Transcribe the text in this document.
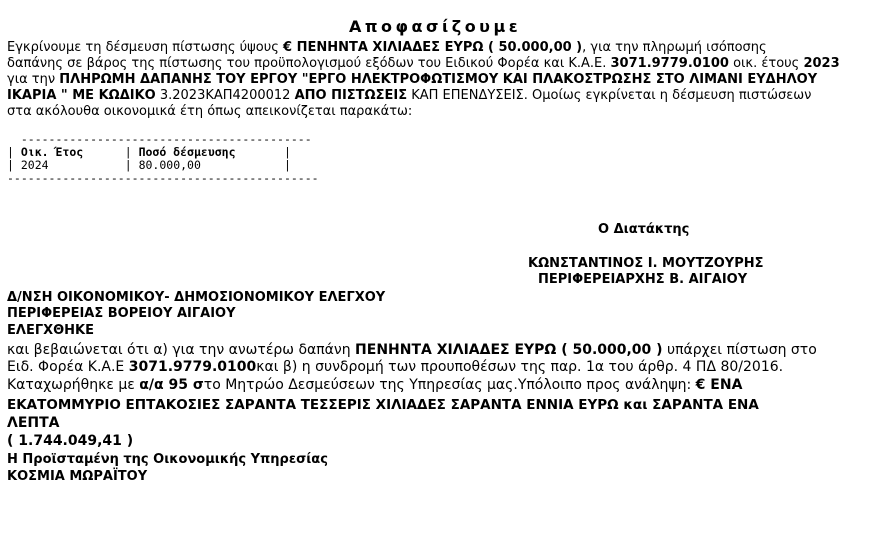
Αποφασίζουμε
Εγκρίνουμε τη δέσμευση πίστωσης ύψους € ΠΕΝΗΝΤΑ ΧΙΛΙΑΔΕΣ ΕΥΡΩ ( 50.000,00 ), για την πληρωμή ισόποσης
δαπάνης σε βάρος της πίστωσης του προϋπολογισμού εξόδων του Ειδικού Φορέα και Κ.Α.Ε. 3071.9779.0100 οικ. έτους 2023
για την ΠΛΗΡΩΜΗ ΔΑΠΑΝΗΣ ΤΟΥ ΕΡΓΟΥ "ΕΡΓΟ ΗΛΕΚΤΡΟΦΩΤΙΣΜΟΥ ΚΑΙ ΠΛΑΚΟΣΤΡΩΣΗΣ ΣΤΟ ΛΙΜΑΝΙ ΕΥΔΗΛΟΥ
ΙΚΑΡΙΑ " ΜΕ ΚΩΔΙΚΟ 3.2023ΚΑΠ4200012 ΑΠΟ ΠΙΣΤΩΣΕΙΣ ΚΑΠ ΕΠΕΝΔΥΣΕΙΣ. Ομοίως εγκρίνεται η δέσμευση πιστώσεων
στα ακόλουθα οικονομικά έτη όπως απεικονίζεται παρακάτω:

------------------------------------------
| Οικ. Έτος      | Ποσό δέσμευσης       |
| 2024           | 80.000,00            |
---------------------------------------------

Ο Διατάκτης
ΚΩΝΣΤΑΝΤΙΝΟΣ Ι. ΜΟΥΤΖΟΥΡΗΣ
ΠΕΡΙΦΕΡΕΙΑΡΧΗΣ Β. ΑΙΓΑΙΟΥ
Δ/ΝΣΗ ΟΙΚΟΝΟΜΙΚΟΥ- ΔΗΜΟΣΙΟΝΟΜΙΚΟΥ ΕΛΕΓΧΟΥ
ΠΕΡΙΦΕΡΕΙΑΣ ΒΟΡΕΙΟΥ ΑΙΓΑΙΟΥ
ΕΛΕΓΧΘΗΚΕ
και βεβαιώνεται ότι α) για την ανωτέρω δαπάνη ΠΕΝΗΝΤΑ ΧΙΛΙΑΔΕΣ ΕΥΡΩ ( 50.000,00 ) υπάρχει πίστωση στο
Ειδ. Φορέα Κ.Α.Ε 3071.9779.0100και β) η συνδρομή των προυποθέσων της παρ. 1α του άρθρ. 4 ΠΔ 80/2016.
Καταχωρήθηκε με α/α 95 στο Μητρώο Δεσμεύσεων της Υπηρεσίας μας.Υπόλοιπο προς ανάληψη: € ΕΝΑ
ΕΚΑΤΟΜΜΥΡΙΟ ΕΠΤΑΚΟΣΙΕΣ ΣΑΡΑΝΤΑ ΤΕΣΣΕΡΙΣ ΧΙΛΙΑΔΕΣ ΣΑΡΑΝΤΑ ΕΝΝΙΑ ΕΥΡΩ και ΣΑΡΑΝΤΑ ΕΝΑ
ΛΕΠΤΑ
( 1.744.049,41 )
Η Προϊσταμένη της Οικονομικής Υπηρεσίας
ΚΟΣΜΙΑ ΜΩΡΑΪΤΟΥ
